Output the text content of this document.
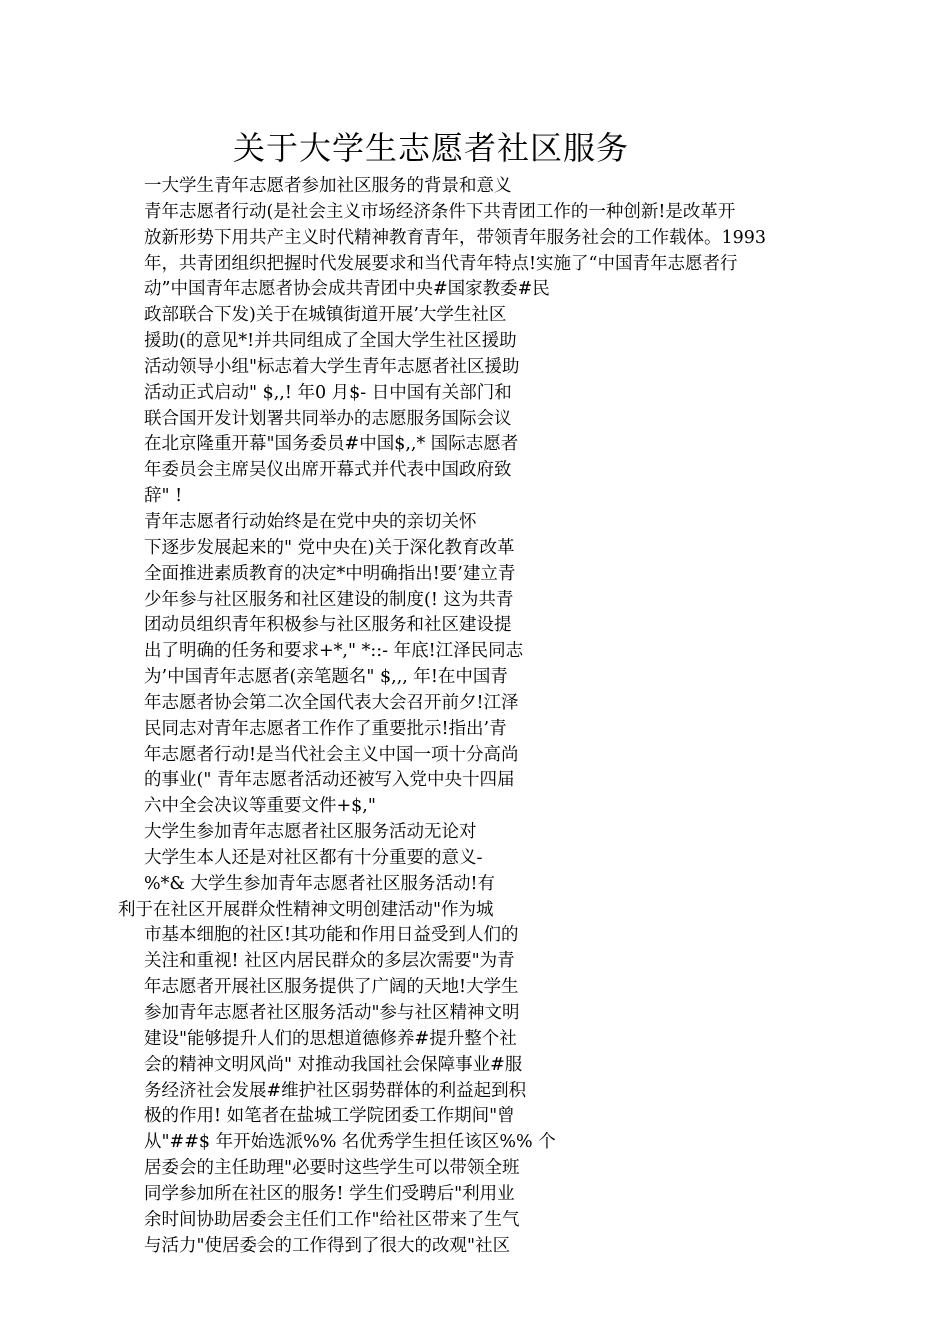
关于大学生志愿者社区服务
一大学生青年志愿者参加社区服务的背景和意义
青年志愿者行动(是社会主义市场经济条件下共青团工作的一种创新!是改革开
放新形势下用共产主义时代精神教育青年，带领青年服务社会的工作载体。1993
年，共青团组织把握时代发展要求和当代青年特点!实施了“中国青年志愿者行
动”中国青年志愿者协会成共青团中央#国家教委#民
政部联合下发)关于在城镇街道开展’大学生社区
援助(的意见*!并共同组成了全国大学生社区援助
活动领导小组"标志着大学生青年志愿者社区援助
活动正式启动" $,,! 年0 月$- 日中国有关部门和
联合国开发计划署共同举办的志愿服务国际会议
在北京隆重开幕"国务委员#中国$,,* 国际志愿者
年委员会主席吴仪出席开幕式并代表中国政府致
辞" !
青年志愿者行动始终是在党中央的亲切关怀
下逐步发展起来的" 党中央在)关于深化教育改革
全面推进素质教育的决定*中明确指出!要’建立青
少年参与社区服务和社区建设的制度(! 这为共青
团动员组织青年积极参与社区服务和社区建设提
出了明确的任务和要求+*," *::- 年底!江泽民同志
为’中国青年志愿者(亲笔题名" $,,, 年!在中国青
年志愿者协会第二次全国代表大会召开前夕!江泽
民同志对青年志愿者工作作了重要批示!指出’青
年志愿者行动!是当代社会主义中国一项十分高尚
的事业(" 青年志愿者活动还被写入党中央十四届
六中全会决议等重要文件+$,"
大学生参加青年志愿者社区服务活动无论对
大学生本人还是对社区都有十分重要的意义-
%*& 大学生参加青年志愿者社区服务活动!有
利于在社区开展群众性精神文明创建活动"作为城
市基本细胞的社区!其功能和作用日益受到人们的
关注和重视! 社区内居民群众的多层次需要"为青
年志愿者开展社区服务提供了广阔的天地!大学生
参加青年志愿者社区服务活动"参与社区精神文明
建设"能够提升人们的思想道德修养#提升整个社
会的精神文明风尚" 对推动我国社会保障事业#服
务经济社会发展#维护社区弱势群体的利益起到积
极的作用! 如笔者在盐城工学院团委工作期间"曾
从"##$ 年开始选派%% 名优秀学生担任该区%% 个
居委会的主任助理"必要时这些学生可以带领全班
同学参加所在社区的服务! 学生们受聘后"利用业
余时间协助居委会主任们工作"给社区带来了生气
与活力"使居委会的工作得到了很大的改观"社区
